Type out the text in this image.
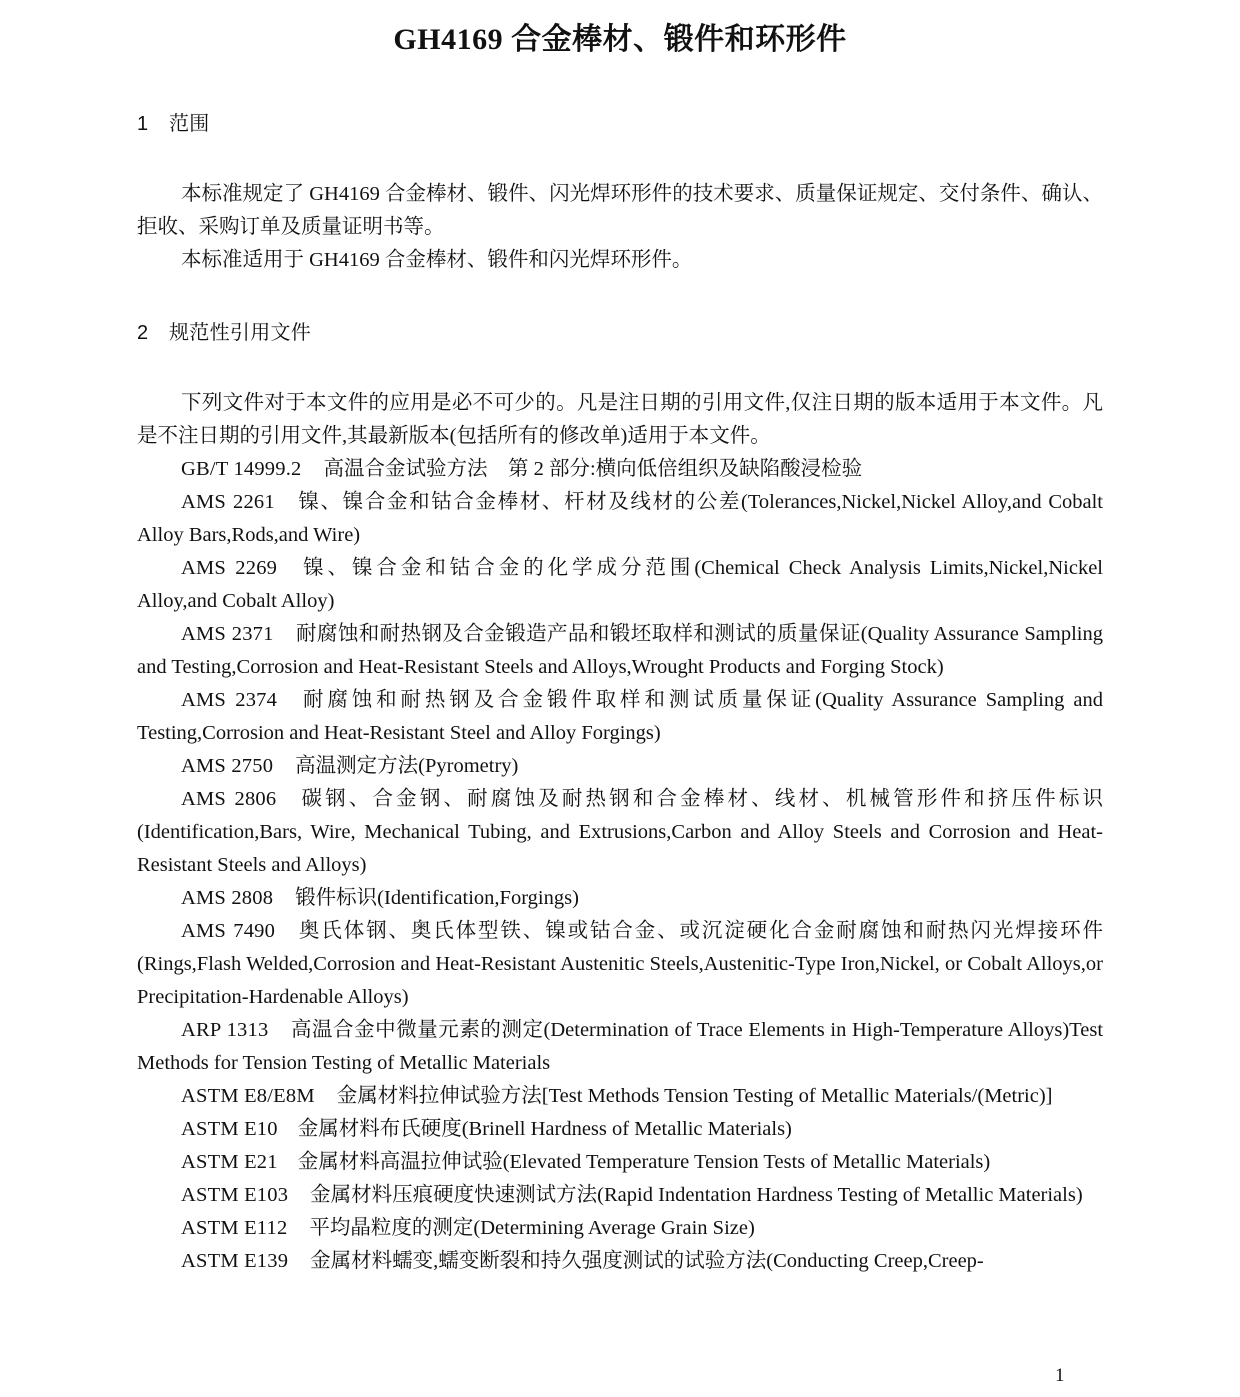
GH4169 合金棒材、锻件和环形件
1 范围

本标准规定了 GH4169 合金棒材、锻件、闪光焊环形件的技术要求、质量保证规定、交付条件、确认、拒收、采购订单及质量证明书等。

本标准适用于 GH4169 合金棒材、锻件和闪光焊环形件。

2 规范性引用文件

下列文件对于本文件的应用是必不可少的。凡是注日期的引用文件,仅注日期的版本适用于本文件。凡是不注日期的引用文件,其最新版本(包括所有的修改单)适用于本文件。

GB/T 14999.2 高温合金试验方法　第 2 部分:横向低倍组织及缺陷酸浸检验

AMS 2261 镍、镍合金和钴合金棒材、杆材及线材的公差(Tolerances,Nickel,Nickel Alloy,and Cobalt Alloy Bars,Rods,and Wire)

AMS 2269 镍、镍合金和钴合金的化学成分范围(Chemical Check Analysis Limits,Nickel,Nickel Alloy,and Cobalt Alloy)

AMS 2371 耐腐蚀和耐热钢及合金锻造产品和锻坯取样和测试的质量保证(Quality Assurance Sampling and Testing,Corrosion and Heat-Resistant Steels and Alloys,Wrought Products and Forging Stock)

AMS 2374 耐腐蚀和耐热钢及合金锻件取样和测试质量保证(Quality Assurance Sampling and Testing,Corrosion and Heat-Resistant Steel and Alloy Forgings)

AMS 2750 高温测定方法(Pyrometry)

AMS 2806 碳钢、合金钢、耐腐蚀及耐热钢和合金棒材、线材、机械管形件和挤压件标识(Identification,Bars, Wire, Mechanical Tubing, and Extrusions,Carbon and Alloy Steels and Corrosion and Heat-Resistant Steels and Alloys)

AMS 2808 锻件标识(Identification,Forgings)

AMS 7490 奥氏体钢、奥氏体型铁、镍或钴合金、或沉淀硬化合金耐腐蚀和耐热闪光焊接环件(Rings,Flash Welded,Corrosion and Heat-Resistant Austenitic Steels,Austenitic-Type Iron,Nickel, or Cobalt Alloys,or Precipitation-Hardenable Alloys)

ARP 1313 高温合金中微量元素的测定(Determination of Trace Elements in High-Temperature Alloys)Test Methods for Tension Testing of Metallic Materials

ASTM E8/E8M 金属材料拉伸试验方法[Test Methods Tension Testing of Metallic Materials/(Metric)]

ASTM E10 金属材料布氏硬度(Brinell Hardness of Metallic Materials)

ASTM E21 金属材料高温拉伸试验(Elevated Temperature Tension Tests of Metallic Materials)

ASTM E103 金属材料压痕硬度快速测试方法(Rapid Indentation Hardness Testing of Metallic Materials)

ASTM E112 平均晶粒度的测定(Determining Average Grain Size)

ASTM E139 金属材料蠕变,蠕变断裂和持久强度测试的试验方法(Conducting Creep,Creep-

1
